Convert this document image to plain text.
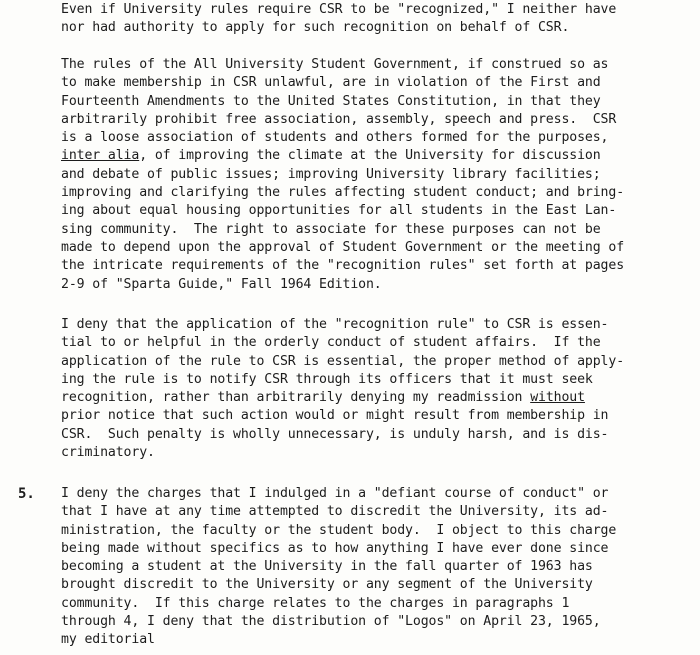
Even if University rules require CSR to be "recognized," I neither have
nor had authority to apply for such recognition on behalf of CSR.
The rules of the All University Student Government, if construed so as
to make membership in CSR unlawful, are in violation of the First and
Fourteenth Amendments to the United States Constitution, in that they
arbitrarily prohibit free association, assembly, speech and press.  CSR
is a loose association of students and others formed for the purposes,
inter alia, of improving the climate at the University for discussion
and debate of public issues; improving University library facilities;
improving and clarifying the rules affecting student conduct; and bring-
ing about equal housing opportunities for all students in the East Lan-
sing community.  The right to associate for these purposes can not be
made to depend upon the approval of Student Government or the meeting of
the intricate requirements of the "recognition rules" set forth at pages
2-9 of "Sparta Guide," Fall 1964 Edition.
I deny that the application of the "recognition rule" to CSR is essen-
tial to or helpful in the orderly conduct of student affairs.  If the
application of the rule to CSR is essential, the proper method of apply-
ing the rule is to notify CSR through its officers that it must seek
recognition, rather than arbitrarily denying my readmission without
prior notice that such action would or might result from membership in
CSR.  Such penalty is wholly unnecessary, is unduly harsh, and is dis-
criminatory.
5. I deny the charges that I indulged in a "defiant course of conduct" or
that I have at any time attempted to discredit the University, its ad-
ministration, the faculty or the student body.  I object to this charge
being made without specifics as to how anything I have ever done since
becoming a student at the University in the fall quarter of 1963 has
brought discredit to the University or any segment of the University
community.  If this charge relates to the charges in paragraphs 1
through 4, I deny that the distribution of "Logos" on April 23, 1965,
my editorial
